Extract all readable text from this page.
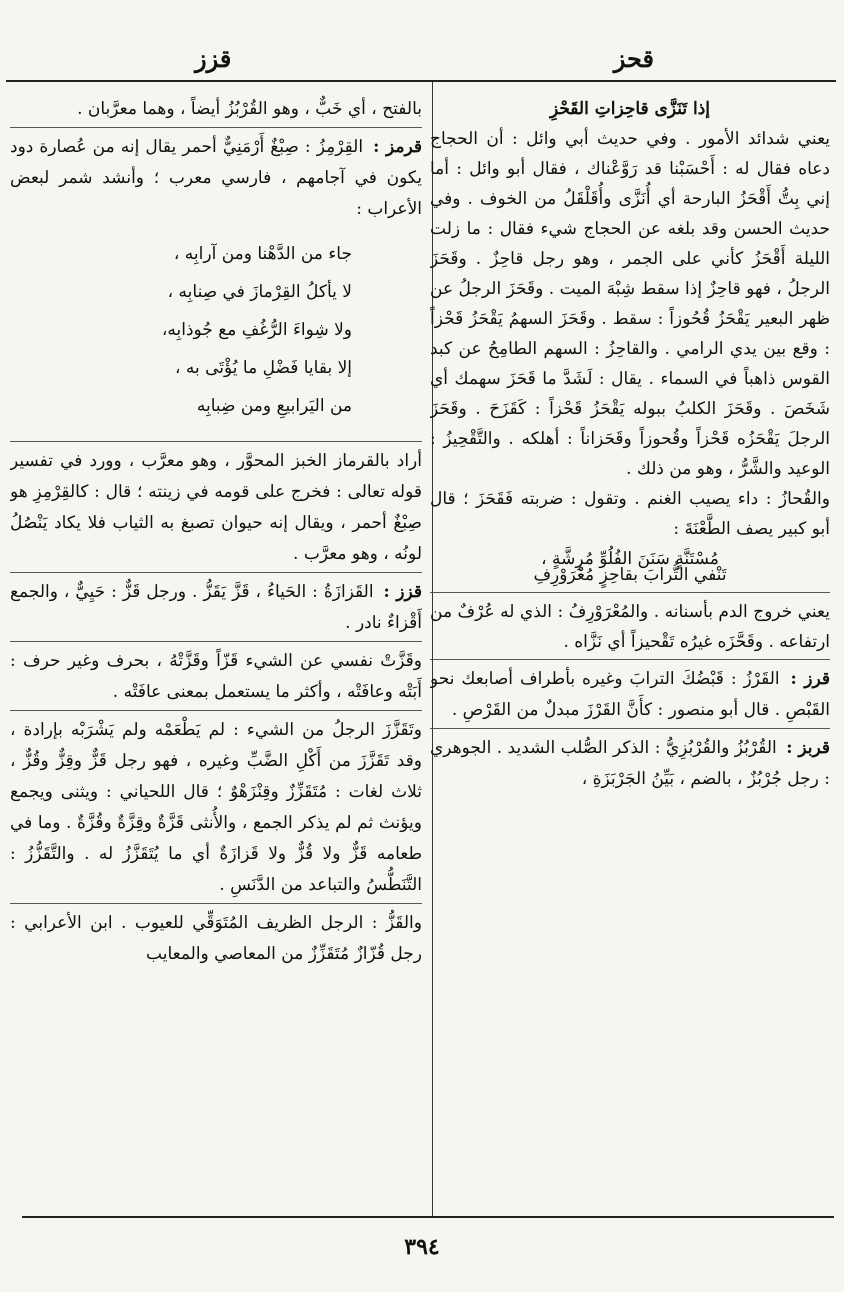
قحز
قزز

إذا تَنَزَّى قاحِزاتِ القَحْزِ

يعني شدائد الأمور . وفي حديث أبي وائل : أن الحجاج دعاه فقال له : أَحْسَبْنا قد رَوَّعْناك ، فقال أبو وائل : أما إني بِتُّ أَقْحَزُ البارحة أي أُنَزَّى وأُقَلْقَلُ من الخوف . وفي حديث الحسن وقد بلغه عن الحجاج شيء فقال : ما زلت الليلة أَقْحَزُ كأني على الجمر ، وهو رجل قاحِزٌ . وقَحَزَ الرجلُ ، فهو قاحِزٌ إذا سقط شِبْهَ الميت . وقَحَزَ الرجلُ عن ظهر البعير يَقْحَزُ قُحُوزاً : سقط . وقَحَزَ السهمُ يَقْحَزُ قَحْزاً : وقع بين يدي الرامي . والقاحِزُ : السهم الطامِحُ عن كبد القوس ذاهباً في السماء . يقال : لَشَدَّ ما قَحَزَ سهمك أي شَخَصَ . وقَحَزَ الكلبُ ببوله يَقْحَزُ قَحْزاً : كَقَزَحَ . وقَحَزَ الرجلَ يَقْحَزُه قَحْزاً وقُحوزاً وقَحَزاناً : أهلكه . والتَّقْحِيزُ : الوعيد والشَّرُّ ، وهو من ذلك .

والقُحازُ : داء يصيب الغنم . وتقول : ضربته فَقَحَزَ ؛ قال أبو كبير يصف الطَّعْنَةَ :

مُسْتَنَّةٍ سَنَنَ الفُلُوِّ مُرِشَّةٍ ،

تَنْفي التُّرابَ بقاحِزٍ مُعْرَوْرِفِ

يعني خروج الدم بأسنانه . والمُعْرَوْرِفُ : الذي له عُرْفٌ من ارتفاعه . وقَحَّزَه غيرُه تَقْحيزاً أي نَزَّاه .

قرز : القَرْزُ : قَبْضُكَ الترابَ وغيره بأطراف أصابعك نحو القَبْصِ . قال أبو منصور : كأَنَّ القَرْزَ مبدلٌ من القَرْصِ .

قربز : القُرْبُزُ والقُرْبُزِيُّ : الذكر الصُّلب الشديد . الجوهري : رجل جُرْبُزٌ ، بالضم ، بَيِّنُ الجَرْبَزَةِ ،

بالفتح ، أي خَبٌّ ، وهو القُرْبُزُ أيضاً ، وهما معرَّبان .

قرمز : القِرْمِزُ : صِبْغٌ أَرْمَنِيٌّ أحمر يقال إنه من عُصارة دود يكون في آجامهم ، فارسي معرب ؛ وأنشد شمر لبعض الأعراب :

جاء من الدَّهْنا ومن آرابِه ،
لا يأكلُ القِرْمازَ في صِنابِه ،
ولا شِواءَ الرُّغُفِ مع جُوذابِه،
إلا بقايا فَضْلِ ما يُؤْتَى به ،
من اليَرابيعِ ومن ضِبابِه

أراد بالقرماز الخبز المحوَّر ، وهو معرَّب ، وورد في تفسير قوله تعالى : فخرج على قومه في زينته ؛ قال : كالقِرْمِزِ هو صِبْغٌ أحمر ، ويقال إنه حيوان تصبغ به الثياب فلا يكاد يَنْصُلُ لونُه ، وهو معرَّب .

قزز : القَزازَةُ : الحَياءُ ، قَزَّ يَقَزُّ . ورجل قَزٌّ : حَيِيٌّ ، والجمع أَقْزاءٌ نادر .

وقَزَّتْ نفسي عن الشيء قَزّاً وقَزَّتْهُ ، بحرف وغير حرف : أَبَتْه وعافَتْه ، وأكثر ما يستعمل بمعنى عافَتْه .

وتَقَزَّزَ الرجلُ من الشيء : لم يَطْعَمْه ولم يَشْرَبْه بإرادة ، وقد تَقَزَّزَ من أَكْلِ الضَّبِّ وغيره ، فهو رجل قَزٌّ وقِزٌّ وقُزٌّ ، ثلاث لغات : مُتَقَزِّزٌ وقِنْزَهْوٌ ؛ قال اللحياني : ويثنى ويجمع ويؤنث ثم لم يذكر الجمع ، والأُنثى قَزَّةٌ وقِزَّةٌ وقُزَّةٌ . وما في طعامه قَزٌّ ولا قُزٌّ ولا قَزازَةٌ أي ما يُتَقَزَّزُ له . والتَّقَزُّزُ : التَّنَطُّسُ والتباعد من الدَّنَسِ .

والقَزُّ : الرجل الظريف المُتَوَقِّي للعيوب . ابن الأعرابي : رجل قُزّازٌ مُتَقَزِّزٌ من المعاصي والمعايب

٣٩٤
